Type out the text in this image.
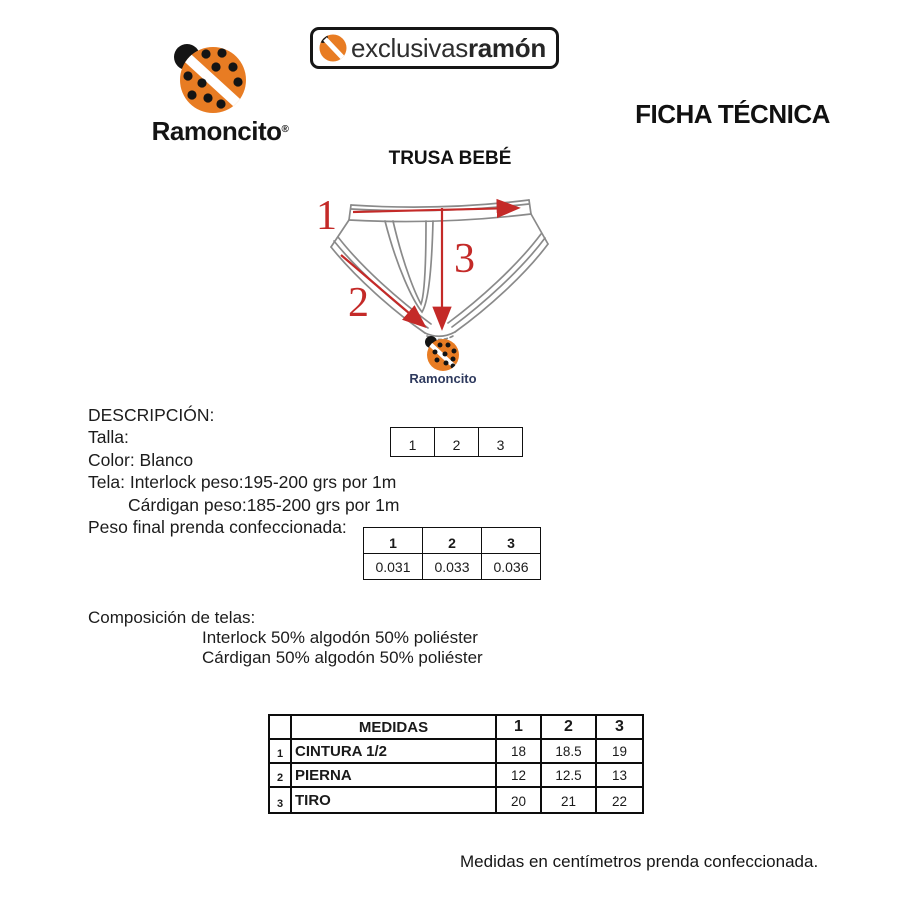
Ramoncito®
exclusivasramón
FICHA TÉCNICA
TRUSA BEBÉ
1
2
3
Ramoncito
DESCRIPCIÓN:
Talla:
Color: Blanco
Tela: Interlock peso:195-200 grs por 1m
Cárdigan peso:185-200 grs por 1m
Peso final prenda confeccionada:
1	2	3
1	2	3
0.031	0.033	0.036
Composición de telas:
Interlock 50% algodón 50% poliéster
Cárdigan 50% algodón 50% poliéster
	MEDIDAS	1	2	3
1	CINTURA 1/2	18	18.5	19
2	PIERNA	12	12.5	13
3	TIRO	20	21	22
Medidas en centímetros prenda confeccionada.
